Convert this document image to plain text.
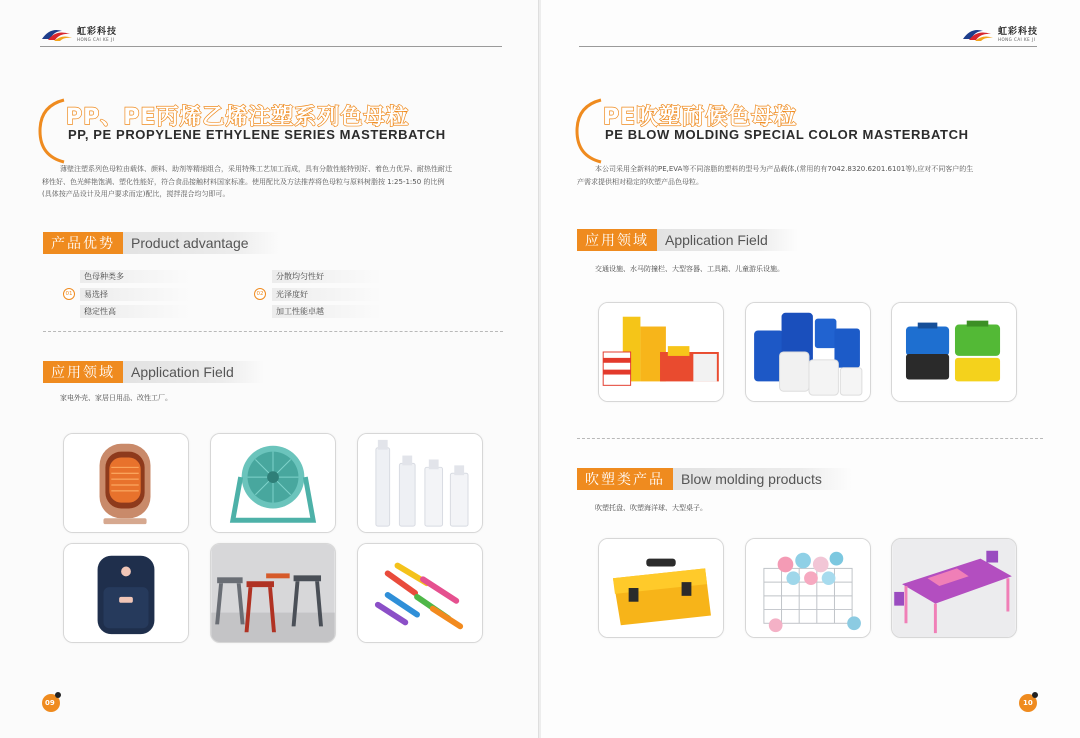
虹彩科技
HONG CAI KE JI
PP、PE丙烯乙烯注塑系列色母粒
PP, PE PROPYLENE ETHYLENE SERIES MASTERBATCH
薄壁注塑系列色母粒由载体、颜料、助剂等精细组合，采用特殊工艺加工而成，具有分散性能特别好、着色力优异、耐热性耐迁
移性好、色光鲜艳饱满、塑化性能好，符合食品接触材料国家标准。使用配比及方法推荐将色母粒与原料树脂按 1:25-1:50 的比例
(具体按产品设计及用户要求而定)配比，搅拌混合均匀即可。
产品优势	Product advantage
色母种类多
01	易选择
稳定性高
分散均匀性好
02	光泽度好
加工性能卓越
应用领域	Application Field
家电外壳、家居日用品、改性工厂。
09
虹彩科技
HONG CAI KE JI
PE吹塑耐候色母粒
PE BLOW MOLDING SPECIAL COLOR MASTERBATCH
本公司采用全新料的PE,EVA等不同溶脂的塑料的型号为产品载体,(常用的有7042.8320.6201.6101等),应对不同客户的生
产需求提供相对稳定的吹塑产品色母粒。
应用领域	Application Field
交通设施、水马防撞栏、大型容器、工具箱、儿童游乐设施。
吹塑类产品	Blow molding products
吹塑托盘、吹塑海洋球、大型桌子。
10
